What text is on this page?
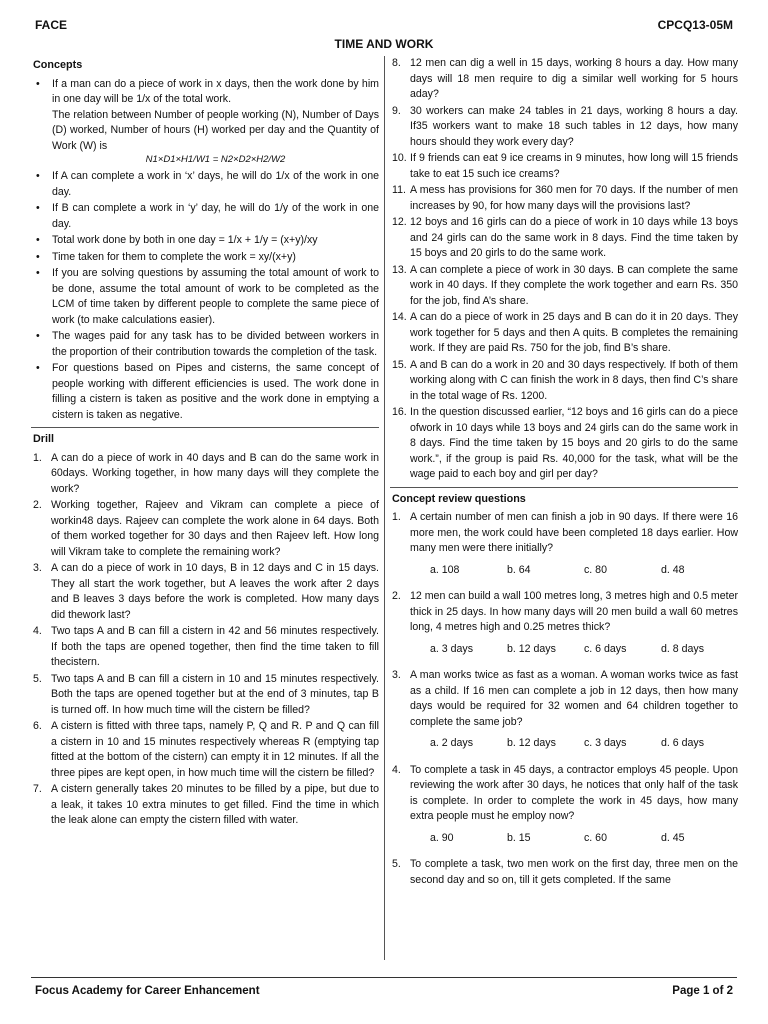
FACE	CPCQ13-05M
TIME AND WORK
Concepts
• If a man can do a piece of work in x days, then the work done by him in one day will be 1/x of the total work.
The relation between Number of people working (N), Number of Days (D) worked, Number of hours (H) worked per day and the Quantity of Work (W) is
N1×D1×H1/W1 = N2×D2×H2/W2
• If A can complete a work in ‘x’ days, he will do 1/x of the work in one day.
• If B can complete a work in ‘y’ day, he will do 1/y of the work in one day.
• Total work done by both in one day = 1/x + 1/y = (x+y)/xy
• Time taken for them to complete the work = xy/(x+y)
• If you are solving questions by assuming the total amount of work to be done, assume the total amount of work to be completed as the LCM of time taken by different people to complete the same piece of work (to make calculations easier).
• The wages paid for any task has to be divided between workers in the proportion of their contribution towards the completion of the task.
• For questions based on Pipes and cisterns, the same concept of people working with different efficiencies is used. The work done in filling a cistern is taken as positive and the work done in emptying a cistern is taken as negative.
Drill
1. A can do a piece of work in 40 days and B can do the same work in 60days. Working together, in how many days will they complete the work?
2. Working together, Rajeev and Vikram can complete a piece of workin48 days. Rajeev can complete the work alone in 64 days. Both of them worked together for 30 days and then Rajeev left. How long will Vikram take to complete the remaining work?
3. A can do a piece of work in 10 days, B in 12 days and C in 15 days. They all start the work together, but A leaves the work after 2 days and B leaves 3 days before the work is completed. How many days did thework last?
4. Two taps A and B can fill a cistern in 42 and 56 minutes respectively. If both the taps are opened together, then find the time taken to fill thecistern.
5. Two taps A and B can fill a cistern in 10 and 15 minutes respectively. Both the taps are opened together but at the end of 3 minutes, tap B is turned off. In how much time will the cistern be filled?
6. A cistern is fitted with three taps, namely P, Q and R. P and Q can fill a cistern in 10 and 15 minutes respectively whereas R (emptying tap fitted at the bottom of the cistern) can empty it in 12 minutes. If all the three pipes are kept open, in how much time will the cistern be filled?
7. A cistern generally takes 20 minutes to be filled by a pipe, but due to a leak, it takes 10 extra minutes to get filled. Find the time in which the leak alone can empty the cistern filled with water.
8. 12 men can dig a well in 15 days, working 8 hours a day. How many days will 18 men require to dig a similar well working for 5 hours aday?
9. 30 workers can make 24 tables in 21 days, working 8 hours a day. If35 workers want to make 18 such tables in 12 days, how many hours should they work every day?
10. If 9 friends can eat 9 ice creams in 9 minutes, how long will 15 friends take to eat 15 such ice creams?
11. A mess has provisions for 360 men for 70 days. If the number of men increases by 90, for how many days will the provisions last?
12. 12 boys and 16 girls can do a piece of work in 10 days while 13 boys and 24 girls can do the same work in 8 days. Find the time taken by 15 boys and 20 girls to do the same work.
13. A can complete a piece of work in 30 days. B can complete the same work in 40 days. If they complete the work together and earn Rs. 350 for the job, find A’s share.
14. A can do a piece of work in 25 days and B can do it in 20 days. They work together for 5 days and then A quits. B completes the remaining work. If they are paid Rs. 750 for the job, find B’s share.
15. A and B can do a work in 20 and 30 days respectively. If both of them working along with C can finish the work in 8 days, then find C’s share in the total wage of Rs. 1200.
16. In the question discussed earlier, “12 boys and 16 girls can do a piece ofwork in 10 days while 13 boys and 24 girls can do the same work in 8 days. Find the time taken by 15 boys and 20 girls to do the same work.”, if the group is paid Rs. 40,000 for the task, what will be the wage paid to each boy and girl per day?
Concept review questions
1. A certain number of men can finish a job in 90 days. If there were 16 more men, the work could have been completed 18 days earlier. How many men were there initially?
a. 108	b. 64	c. 80	d. 48
2. 12 men can build a wall 100 metres long, 3 metres high and 0.5 meter thick in 25 days. In how many days will 20 men build a wall 60 metres long, 4 metres high and 0.25 metres thick?
a. 3 days	b. 12 days	c. 6 days	d. 8 days
3. A man works twice as fast as a woman. A woman works twice as fast as a child. If 16 men can complete a job in 12 days, then how many days would be required for 32 women and 64 children together to complete the same job?
a. 2 days	b. 12 days	c. 3 days	d. 6 days
4. To complete a task in 45 days, a contractor employs 45 people. Upon reviewing the work after 30 days, he notices that only half of the task is complete. In order to complete the work in 45 days, how many extra people must he employ now?
a. 90	b. 15	c. 60	d. 45
5. To complete a task, two men work on the first day, three men on the second day and so on, till it gets completed. If the same
Focus Academy for Career Enhancement	Page 1 of 2
